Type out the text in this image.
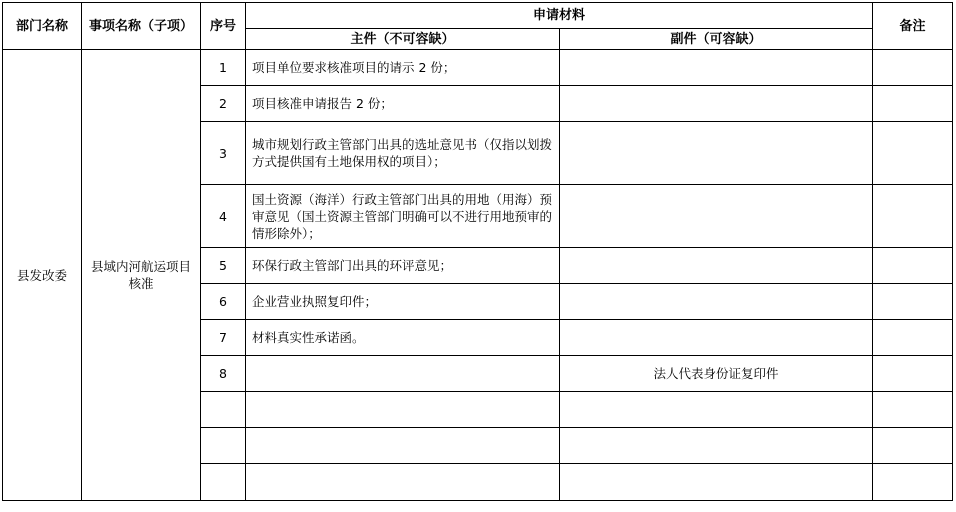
部门名称	事项名称（子项）	序号	申请材料		备注
			主件（不可容缺）	副件（可容缺）	
县发改委	县域内河航运项目核准	1	项目单位要求核准项目的请示 2 份；		
		2	项目核准申请报告 2 份；		
		3	城市规划行政主管部门出具的选址意见书（仅指以划拨方式提供国有土地保用权的项目）；		
		4	国土资源（海洋）行政主管部门出具的用地（用海）预审意见（国土资源主管部门明确可以不进行用地预审的情形除外）；		
		5	环保行政主管部门出具的环评意见；		
		6	企业营业执照复印件；		
		7	材料真实性承诺函。		
		8		法人代表身份证复印件	
